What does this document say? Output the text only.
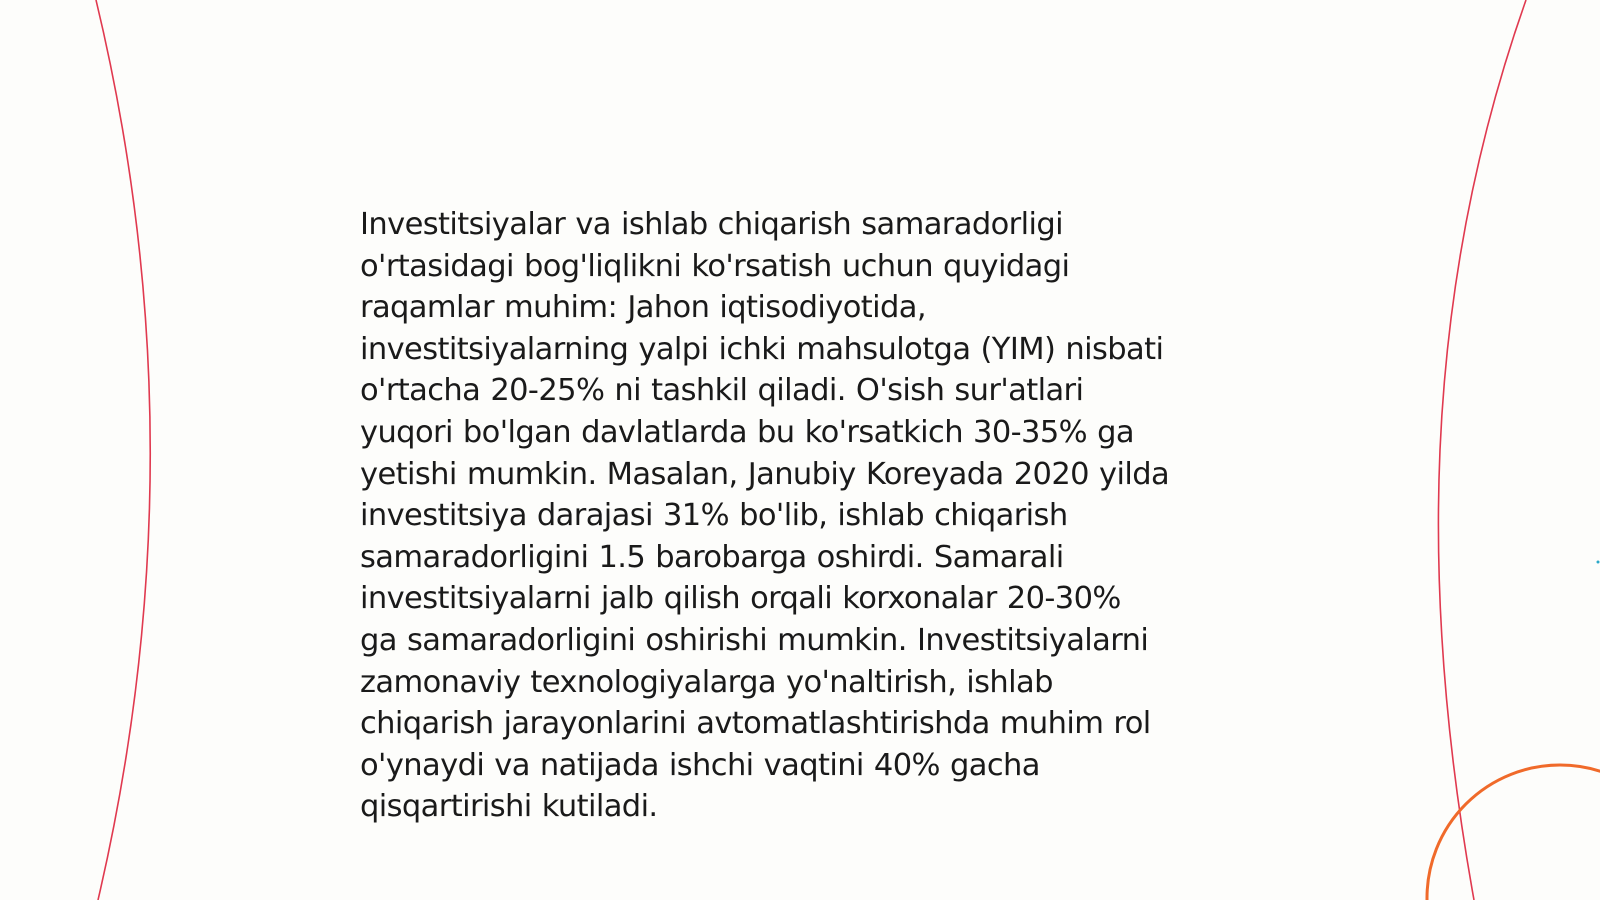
Investitsiyalar va ishlab chiqarish samaradorligi
o'rtasidagi bog'liqlikni ko'rsatish uchun quyidagi
raqamlar muhim: Jahon iqtisodiyotida,
investitsiyalarning yalpi ichki mahsulotga (YIM) nisbati
o'rtacha 20-25% ni tashkil qiladi. O'sish sur'atlari
yuqori bo'lgan davlatlarda bu ko'rsatkich 30-35% ga
yetishi mumkin. Masalan, Janubiy Koreyada 2020 yilda
investitsiya darajasi 31% bo'lib, ishlab chiqarish
samaradorligini 1.5 barobarga oshirdi. Samarali
investitsiyalarni jalb qilish orqali korxonalar 20-30%
ga samaradorligini oshirishi mumkin. Investitsiyalarni
zamonaviy texnologiyalarga yo'naltirish, ishlab
chiqarish jarayonlarini avtomatlashtirishda muhim rol
o'ynaydi va natijada ishchi vaqtini 40% gacha
qisqartirishi kutiladi.
